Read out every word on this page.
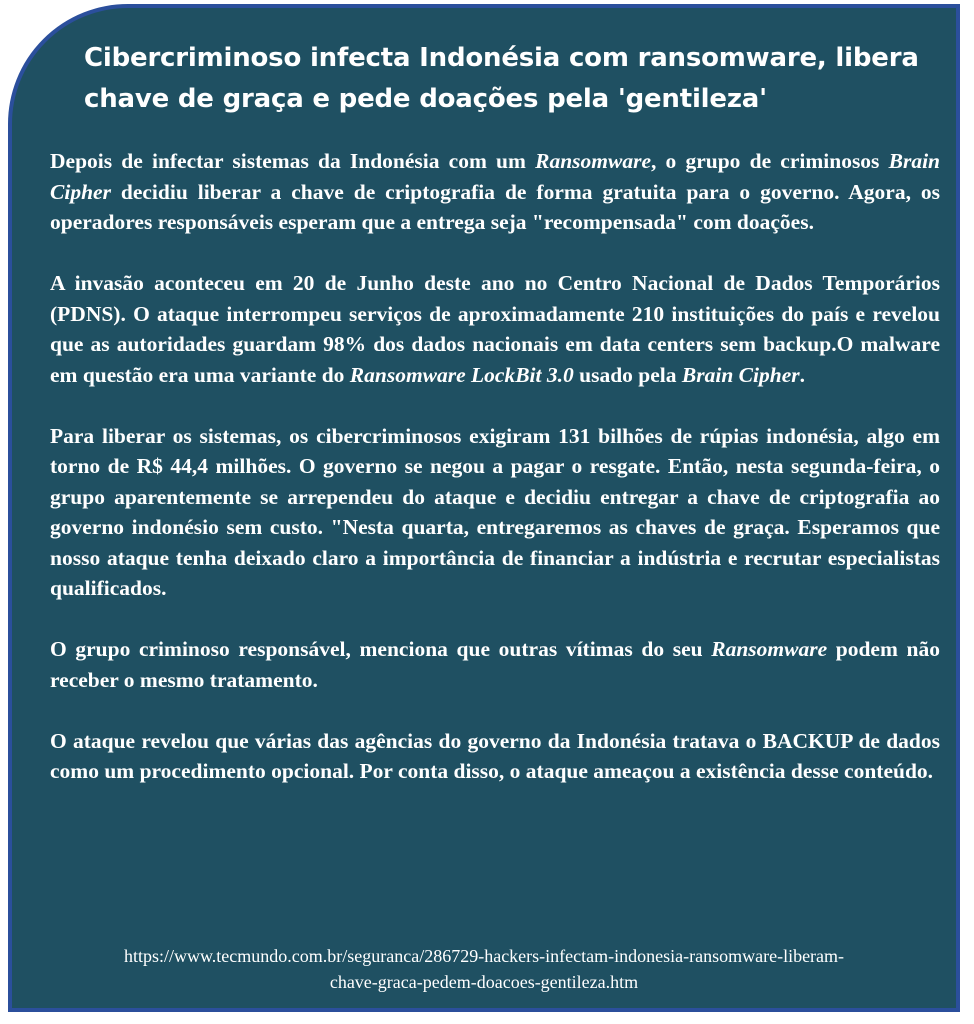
Cibercriminoso infecta Indonésia com ransomware, libera chave de graça e pede doações pela 'gentileza'

Depois de infectar sistemas da Indonésia com um Ransomware, o grupo de criminosos Brain Cipher decidiu liberar a chave de criptografia de forma gratuita para o governo. Agora, os operadores responsáveis esperam que a entrega seja "recompensada" com doações.

A invasão aconteceu em 20 de Junho deste ano no Centro Nacional de Dados Temporários (PDNS). O ataque interrompeu serviços de aproximadamente 210 instituições do país e revelou que as autoridades guardam 98% dos dados nacionais em data centers sem backup.O malware em questão era uma variante do Ransomware LockBit 3.0 usado pela Brain Cipher.

Para liberar os sistemas, os cibercriminosos exigiram 131 bilhões de rúpias indonésia, algo em torno de R$ 44,4 milhões. O governo se negou a pagar o resgate. Então, nesta segunda-feira, o grupo aparentemente se arrependeu do ataque e decidiu entregar a chave de criptografia ao governo indonésio sem custo. "Nesta quarta, entregaremos as chaves de graça. Esperamos que nosso ataque tenha deixado claro a importância de financiar a indústria e recrutar especialistas qualificados.

O grupo criminoso responsável, menciona que outras vítimas do seu Ransomware podem não receber o mesmo tratamento.

O ataque revelou que várias das agências do governo da Indonésia tratava o BACKUP de dados como um procedimento opcional. Por conta disso, o ataque ameaçou a existência desse conteúdo.

https://www.tecmundo.com.br/seguranca/286729-hackers-infectam-indonesia-ransomware-liberam-
chave-graca-pedem-doacoes-gentileza.htm
